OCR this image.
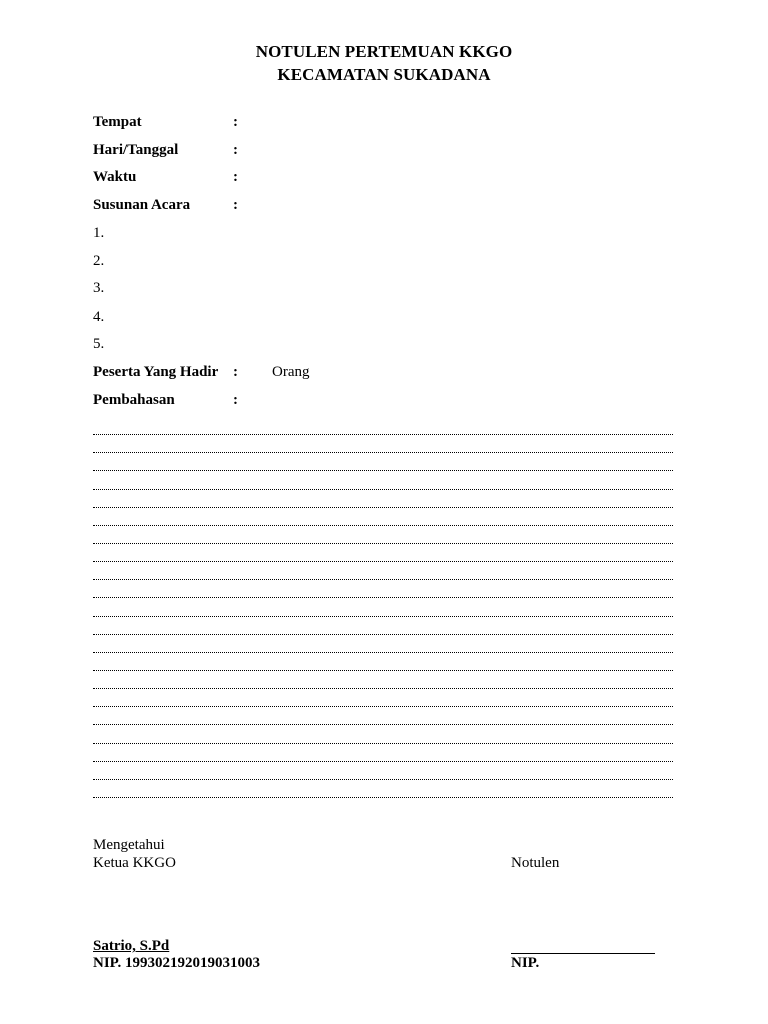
NOTULEN PERTEMUAN KKGO
KECAMATAN SUKADANA
Tempat	:
Hari/Tanggal	:
Waktu	:
Susunan Acara	:
1.
2.
3.
4.
5.
Peserta Yang Hadir : Orang
Pembahasan	:
Mengetahui
Ketua KKGO	Notulen
Satrio, S.Pd
NIP. 199302192019031003	NIP.
